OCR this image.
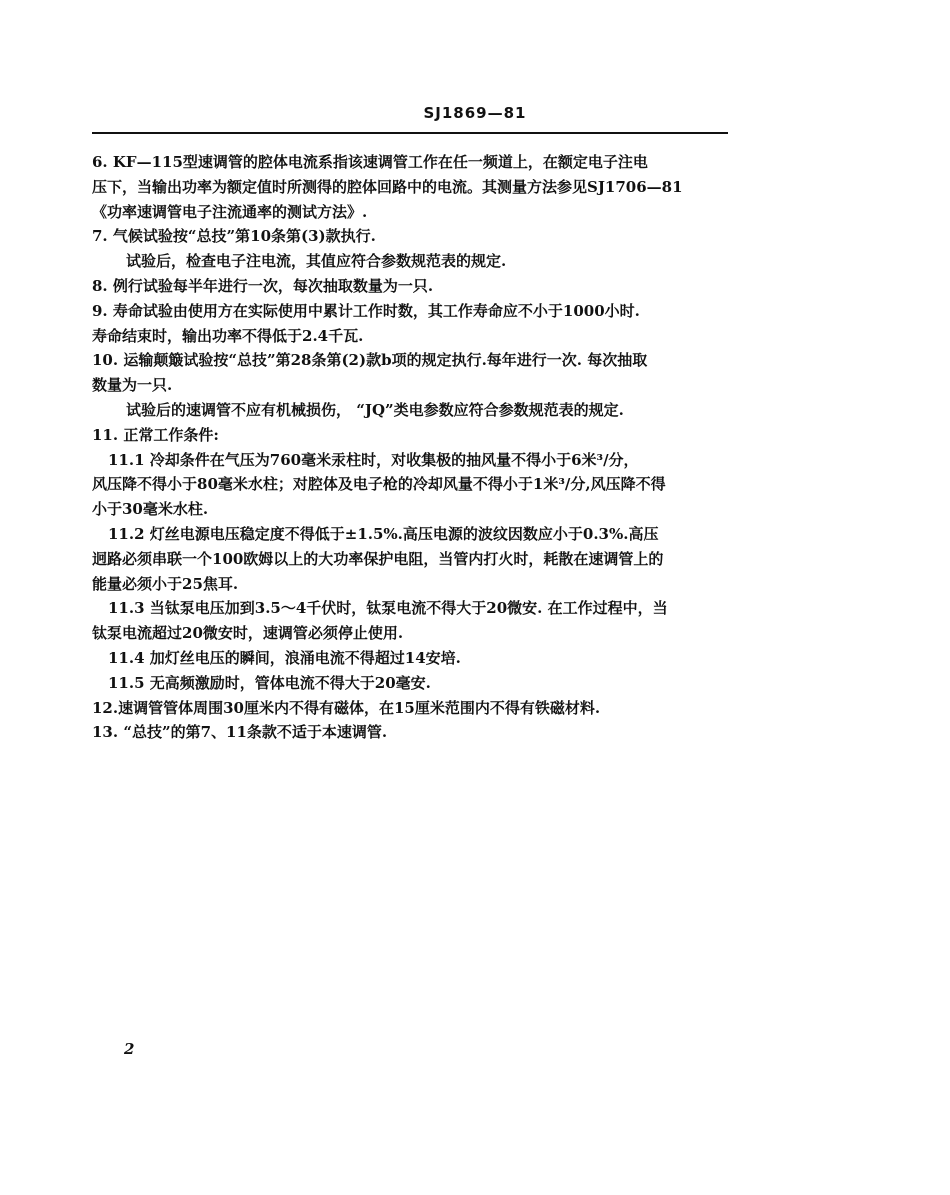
SJ1869—81

6. KF—115型速调管的腔体电流系指该速调管工作在任一频道上，在额定电子注电

压下，当输出功率为额定值时所测得的腔体回路中的电流。其测量方法参见SJ1706—81

《功率速调管电子注流通率的测试方法》.

7. 气候试验按“总技”第10条第(3)款执行.

试验后，检查电子注电流，其值应符合参数规范表的规定.

8. 例行试验每半年进行一次，每次抽取数量为一只.

9. 寿命试验由使用方在实际使用中累计工作时数，其工作寿命应不小于1000小时.

寿命结束时，输出功率不得低于2.4千瓦.

10. 运输颠簸试验按“总技”第28条第(2)款b项的规定执行.每年进行一次. 每次抽取

数量为一只.

试验后的速调管不应有机械损伤， “JQ”类电参数应符合参数规范表的规定.

11. 正常工作条件:

11.1 冷却条件在气压为760毫米汞柱时，对收集极的抽风量不得小于6米³/分，

风压降不得小于80毫米水柱；对腔体及电子枪的冷却风量不得小于1米³/分,风压降不得

小于30毫米水柱.

11.2 灯丝电源电压稳定度不得低于±1.5%.高压电源的波纹因数应小于0.3%.高压

迥路必须串联一个100欧姆以上的大功率保护电阻，当管内打火时，耗散在速调管上的

能量必须小于25焦耳.

11.3 当钛泵电压加到3.5～4千伏时，钛泵电流不得大于20微安. 在工作过程中，当

钛泵电流超过20微安时，速调管必须停止使用.

11.4 加灯丝电压的瞬间，浪涌电流不得超过14安培.

11.5 无高频激励时，管体电流不得大于20毫安.

12.速调管管体周围30厘米内不得有磁体，在15厘米范围内不得有铁磁材料.

13. “总技”的第7、11条款不适于本速调管.

2
